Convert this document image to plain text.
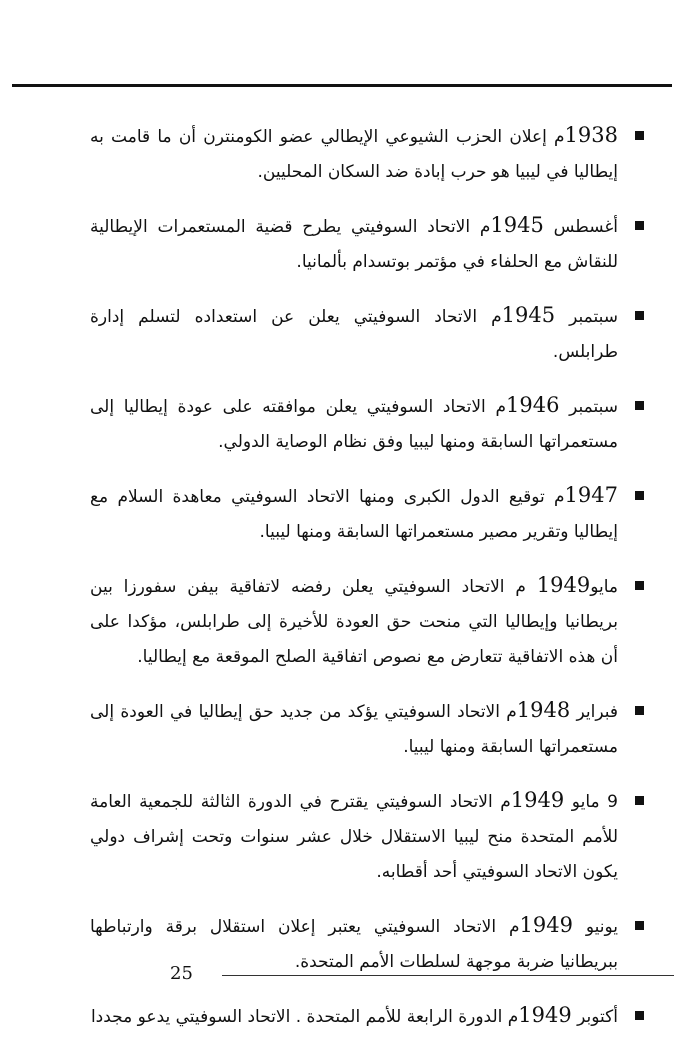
1938م إعلان الحزب الشيوعي الإيطالي عضو الكومنترن أن ما قامت به إيطاليا في ليبيا هو حرب إبادة ضد السكان المحليين.

أغسطس 1945م الاتحاد السوفيتي يطرح قضية المستعمرات الإيطالية للنقاش مع الحلفاء في مؤتمر بوتسدام بألمانيا.

سبتمبر 1945م الاتحاد السوفيتي يعلن عن استعداده لتسلم إدارة طرابلس.

سبتمبر 1946م الاتحاد السوفيتي يعلن موافقته على عودة إيطاليا إلى مستعمراتها السابقة ومنها ليبيا وفق نظام الوصاية الدولي.

1947م توقيع الدول الكبرى ومنها الاتحاد السوفيتي معاهدة السلام مع إيطاليا وتقرير مصير مستعمراتها السابقة ومنها ليبيا.

مايو1949 م الاتحاد السوفيتي يعلن رفضه لاتفاقية بيفن سفورزا بين بريطانيا وإيطاليا التي منحت حق العودة للأخيرة إلى طرابلس، مؤكدا على أن هذه الاتفاقية تتعارض مع نصوص اتفاقية الصلح الموقعة مع إيطاليا.

فبراير 1948م الاتحاد السوفيتي يؤكد من جديد حق إيطاليا في العودة إلى مستعمراتها السابقة ومنها ليبيا.

9 مايو 1949م الاتحاد السوفيتي يقترح في الدورة الثالثة للجمعية العامة للأمم المتحدة منح ليبيا الاستقلال خلال عشر سنوات وتحت إشراف دولي يكون الاتحاد السوفيتي أحد أقطابه.

يونيو 1949م الاتحاد السوفيتي يعتبر إعلان استقلال برقة وارتباطها ببريطانيا ضربة موجهة لسلطات الأمم المتحدة.

أكتوبر 1949م الدورة الرابعة للأمم المتحدة . الاتحاد السوفيتي يدعو مجددا

25
